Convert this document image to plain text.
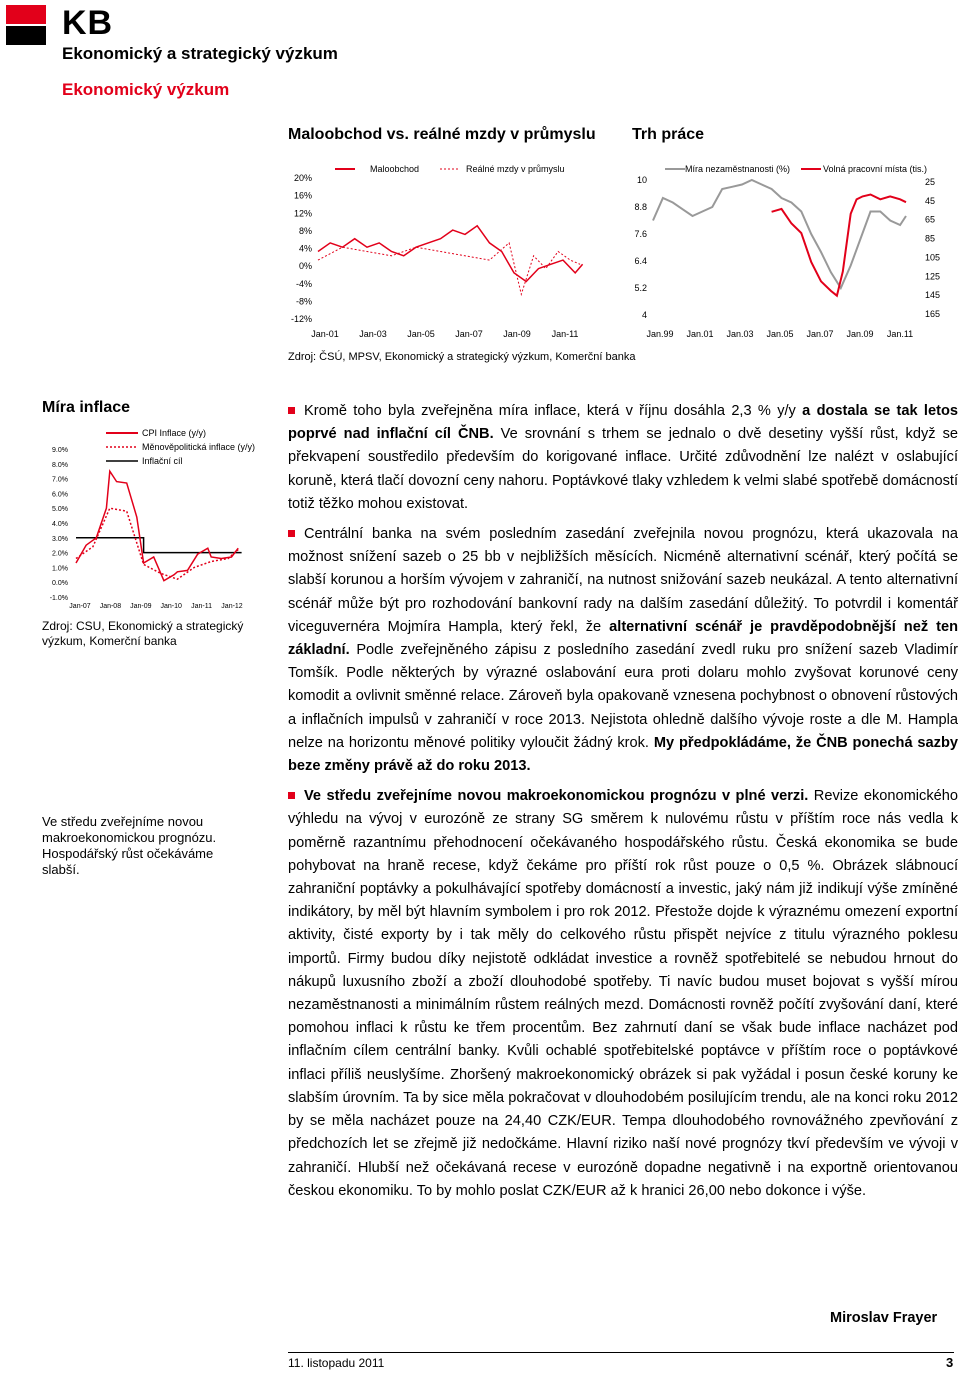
KB
Ekonomický a strategický výzkum
Ekonomický výzkum
Maloobchod vs. reálné mzdy v průmyslu Trh práce
20%
16%
12%
8%
4%
0%
-4%
-8%
-12%
Jan-01 Jan-03 Jan-05 Jan-07 Jan-09 Jan-11
Maloobchod	Reálné mzdy v průmyslu
10
8.8
7.6
6.4
5.2
4
25
45
65
85
105
125
145
165
Jan.99 Jan.01 Jan.03 Jan.05 Jan.07 Jan.09 Jan.11
Míra nezaměstnanosti (%)	Volná pracovní místa (tis.)
Zdroj: ČSÚ, MPSV, Ekonomický a strategický výzkum, Komerční banka
Míra inflace
9.0%
8.0%
7.0%
6.0%
5.0%
4.0%
3.0%
2.0%
1.0%
0.0%
-1.0%
Jan-07 Jan-08 Jan-09 Jan-10 Jan-11 Jan-12
CPI Inflace (y/y)
Měnověpolitická inflace (y/y)
Inflační cíl
Zdroj: CSU, Ekonomický a strategický výzkum, Komerční banka
Ve středu zveřejníme novou makroekonomickou prognózu. Hospodářský růst očekáváme slabší.

Kromě toho byla zveřejněna míra inflace, která v říjnu dosáhla 2,3 % y/y a dostala se tak letos poprvé nad inflační cíl ČNB. Ve srovnání s trhem se jednalo o dvě desetiny vyšší růst, když se překvapení soustředilo především do korigované inflace. Určité zdůvodnění lze nalézt v oslabující koruně, která tlačí dovozní ceny nahoru. Poptávkové tlaky vzhledem k velmi slabé spotřebě domácností totiž těžko mohou existovat.

Centrální banka na svém posledním zasedání zveřejnila novou prognózu, která ukazovala na možnost snížení sazeb o 25 bb v nejbližších měsících. Nicméně alternativní scénář, který počítá se slabší korunou a horším vývojem v zahraničí, na nutnost snižování sazeb neukázal. A tento alternativní scénář může být pro rozhodování bankovní rady na dalším zasedání důležitý. To potvrdil i komentář viceguvernéra Mojmíra Hampla, který řekl, že alternativní scénář je pravděpodobnější než ten základní. Podle zveřejněného zápisu z posledního zasedání zvedl ruku pro snížení sazeb Vladimír Tomšík. Podle některých by výrazné oslabování eura proti dolaru mohlo zvyšovat korunové ceny komodit a ovlivnit směnné relace. Zároveň byla opakovaně vznesena pochybnost o obnovení růstových a inflačních impulsů v zahraničí v roce 2013. Nejistota ohledně dalšího vývoje roste a dle M. Hampla nelze na horizontu měnové politiky vyloučit žádný krok. My předpokládáme, že ČNB ponechá sazby beze změny právě až do roku 2013.

Ve středu zveřejníme novou makroekonomickou prognózu v plné verzi. Revize ekonomického výhledu na vývoj v eurozóně ze strany SG směrem k nulovému růstu v příštím roce nás vedla k poměrně razantnímu přehodnocení očekávaného hospodářského růstu. Česká ekonomika se bude pohybovat na hraně recese, když čekáme pro příští rok růst pouze o 0,5 %. Obrázek slábnoucí zahraniční poptávky a pokulhávající spotřeby domácností a investic, jaký nám již indikují výše zmíněné indikátory, by měl být hlavním symbolem i pro rok 2012. Přestože dojde k výraznému omezení exportní aktivity, čisté exporty by i tak měly do celkového růstu přispět nejvíce z titulu výrazného poklesu importů. Firmy budou díky nejistotě odkládat investice a rovněž spotřebitelé se nebudou hrnout do nákupů luxusního zboží a zboží dlouhodobé spotřeby. Ti navíc budou muset bojovat s vyšší mírou nezaměstnanosti a minimálním růstem reálných mezd. Domácnosti rovněž počítí zvyšování daní, které pomohou inflaci k růstu ke třem procentům. Bez zahrnutí daní se však bude inflace nacházet pod inflačním cílem centrální banky. Kvůli ochablé spotřebitelské poptávce v příštím roce o poptávkové inflaci příliš neuslyšíme. Zhoršený makroekonomický obrázek si pak vyžádal i posun české koruny ke slabším úrovním. Ta by sice měla pokračovat v dlouhodobém posilujícím trendu, ale na konci roku 2012 by se měla nacházet pouze na 24,40 CZK/EUR. Tempa dlouhodobého rovnovážného zpevňování z předchozích let se zřejmě již nedočkáme. Hlavní riziko naší nové prognózy tkví především ve vývoji v zahraničí. Hlubší než očekávaná recese v eurozóně dopadne negativně i na exportně orientovanou českou ekonomiku. To by mohlo poslat CZK/EUR až k hranici 26,00 nebo dokonce i výše.

Miroslav Frayer
11. listopadu 2011	3
